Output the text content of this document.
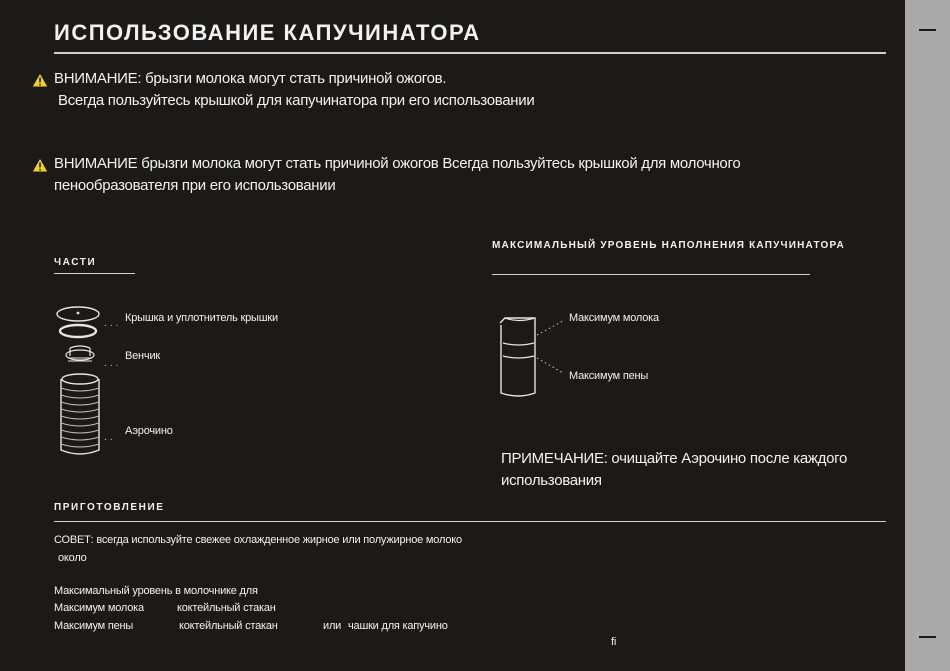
ИСПОЛЬЗОВАНИЕ КАПУЧИНАТОРА
ВНИМАНИЕ: брызги молока могут стать причиной ожогов.
Всегда пользуйтесь крышкой для капучинатора при его использовании
ВНИМАНИЕ брызги молока могут стать причиной ожогов Всегда пользуйтесь крышкой для молочного
пенообразователя при его использовании
ЧАСТИ
. . .
. . .
. .
Крышка и уплотнитель крышки
Венчик
Аэрочино
МАКСИМАЛЬНЫЙ УРОВЕНЬ НАПОЛНЕНИЯ КАПУЧИНАТОРА
Максимум молока
Максимум пены
ПРИМЕЧАНИЕ: очищайте Аэрочино после каждого
использования
ПРИГОТОВЛЕНИЕ
СОВЕТ: всегда используйте свежее охлажденное жирное или полужирное молоко
около
Максимальный уровень в молочнике для
Максимум молока	коктейльный стакан
Максимум пены	коктейльный стакан	или чашки для капучино
fi
